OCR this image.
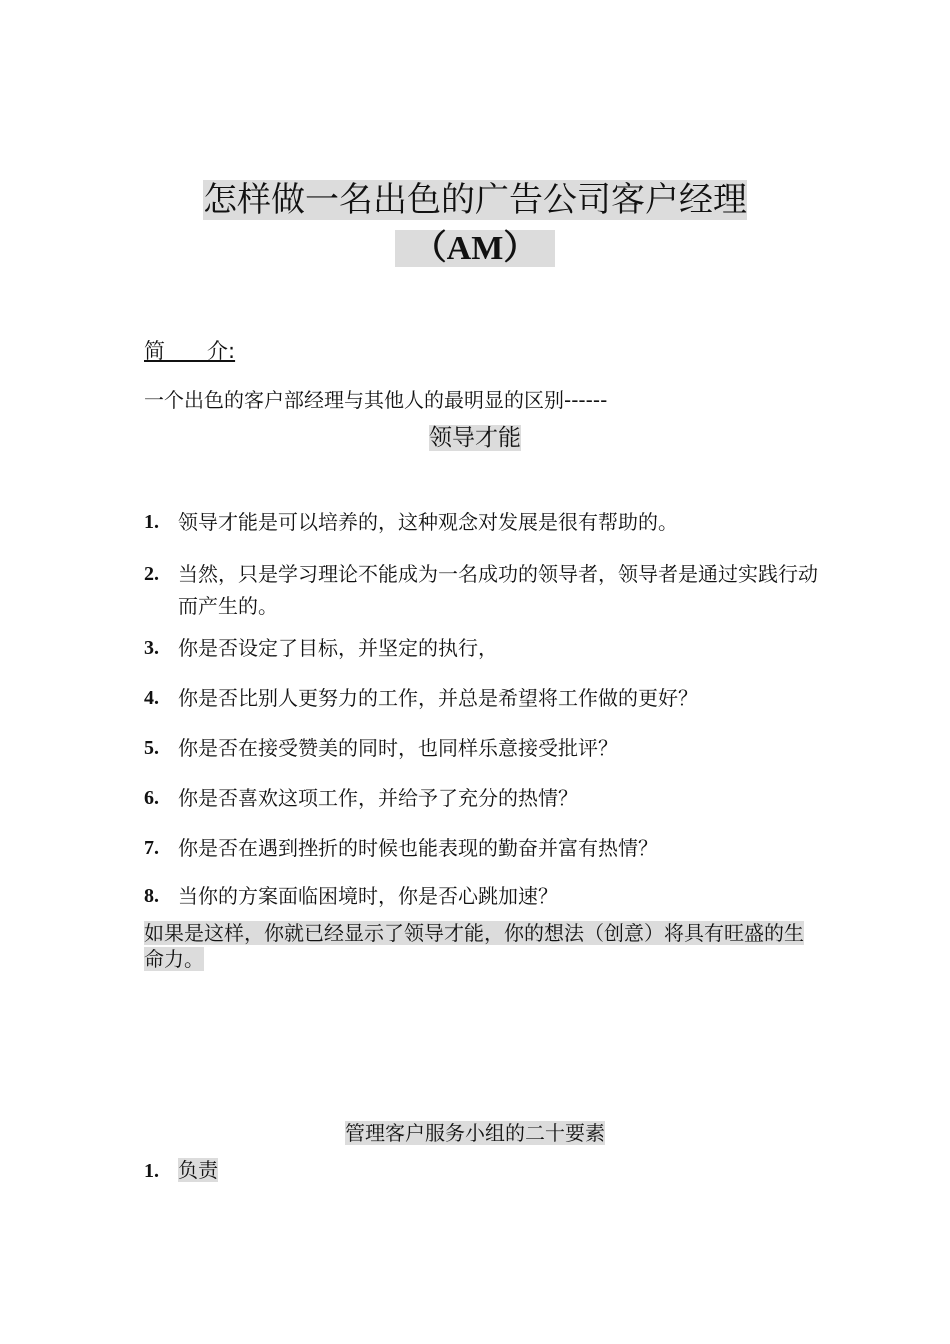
怎样做一名出色的广告公司客户经理
（AM）
简　　介:
一个出色的客户部经理与其他人的最明显的区别------
领导才能
1. 领导才能是可以培养的，这种观念对发展是很有帮助的。
2. 当然，只是学习理论不能成为一名成功的领导者，领导者是通过实践行动而产生的。
3. 你是否设定了目标，并坚定的执行，
4. 你是否比别人更努力的工作，并总是希望将工作做的更好？
5. 你是否在接受赞美的同时，也同样乐意接受批评？
6. 你是否喜欢这项工作，并给予了充分的热情？
7. 你是否在遇到挫折的时候也能表现的勤奋并富有热情？
8. 当你的方案面临困境时，你是否心跳加速？
如果是这样，你就已经显示了领导才能，你的想法（创意）将具有旺盛的生命力。
管理客户服务小组的二十要素
1. 负责
